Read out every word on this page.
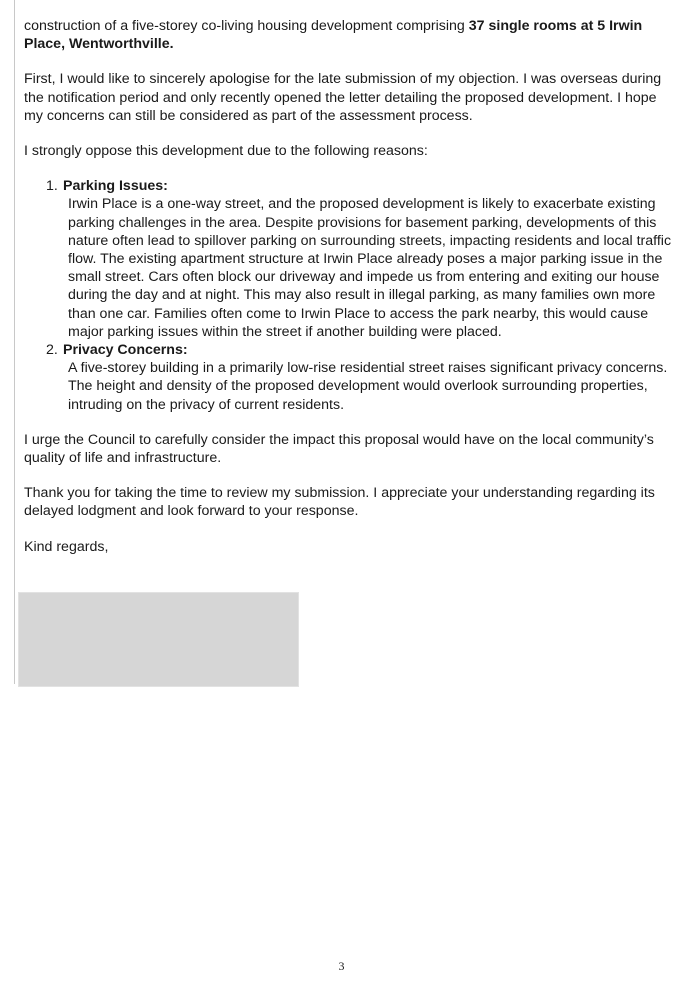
construction of a five-storey co-living housing development comprising 37 single rooms at 5 Irwin Place, Wentworthville.

First, I would like to sincerely apologise for the late submission of my objection. I was overseas during the notification period and only recently opened the letter detailing the proposed development. I hope my concerns can still be considered as part of the assessment process.

I strongly oppose this development due to the following reasons:

1. Parking Issues:
Irwin Place is a one-way street, and the proposed development is likely to exacerbate existing parking challenges in the area. Despite provisions for basement parking, developments of this nature often lead to spillover parking on surrounding streets, impacting residents and local traffic flow. The existing apartment structure at Irwin Place already poses a major parking issue in the small street. Cars often block our driveway and impede us from entering and exiting our house during the day and at night. This may also result in illegal parking, as many families own more than one car. Families often come to Irwin Place to access the park nearby, this would cause major parking issues within the street if another building were placed.
2. Privacy Concerns:
A five-storey building in a primarily low-rise residential street raises significant privacy concerns. The height and density of the proposed development would overlook surrounding properties, intruding on the privacy of current residents.

I urge the Council to carefully consider the impact this proposal would have on the local community’s quality of life and infrastructure.

Thank you for taking the time to review my submission. I appreciate your understanding regarding its delayed lodgment and look forward to your response.

Kind regards,

3
